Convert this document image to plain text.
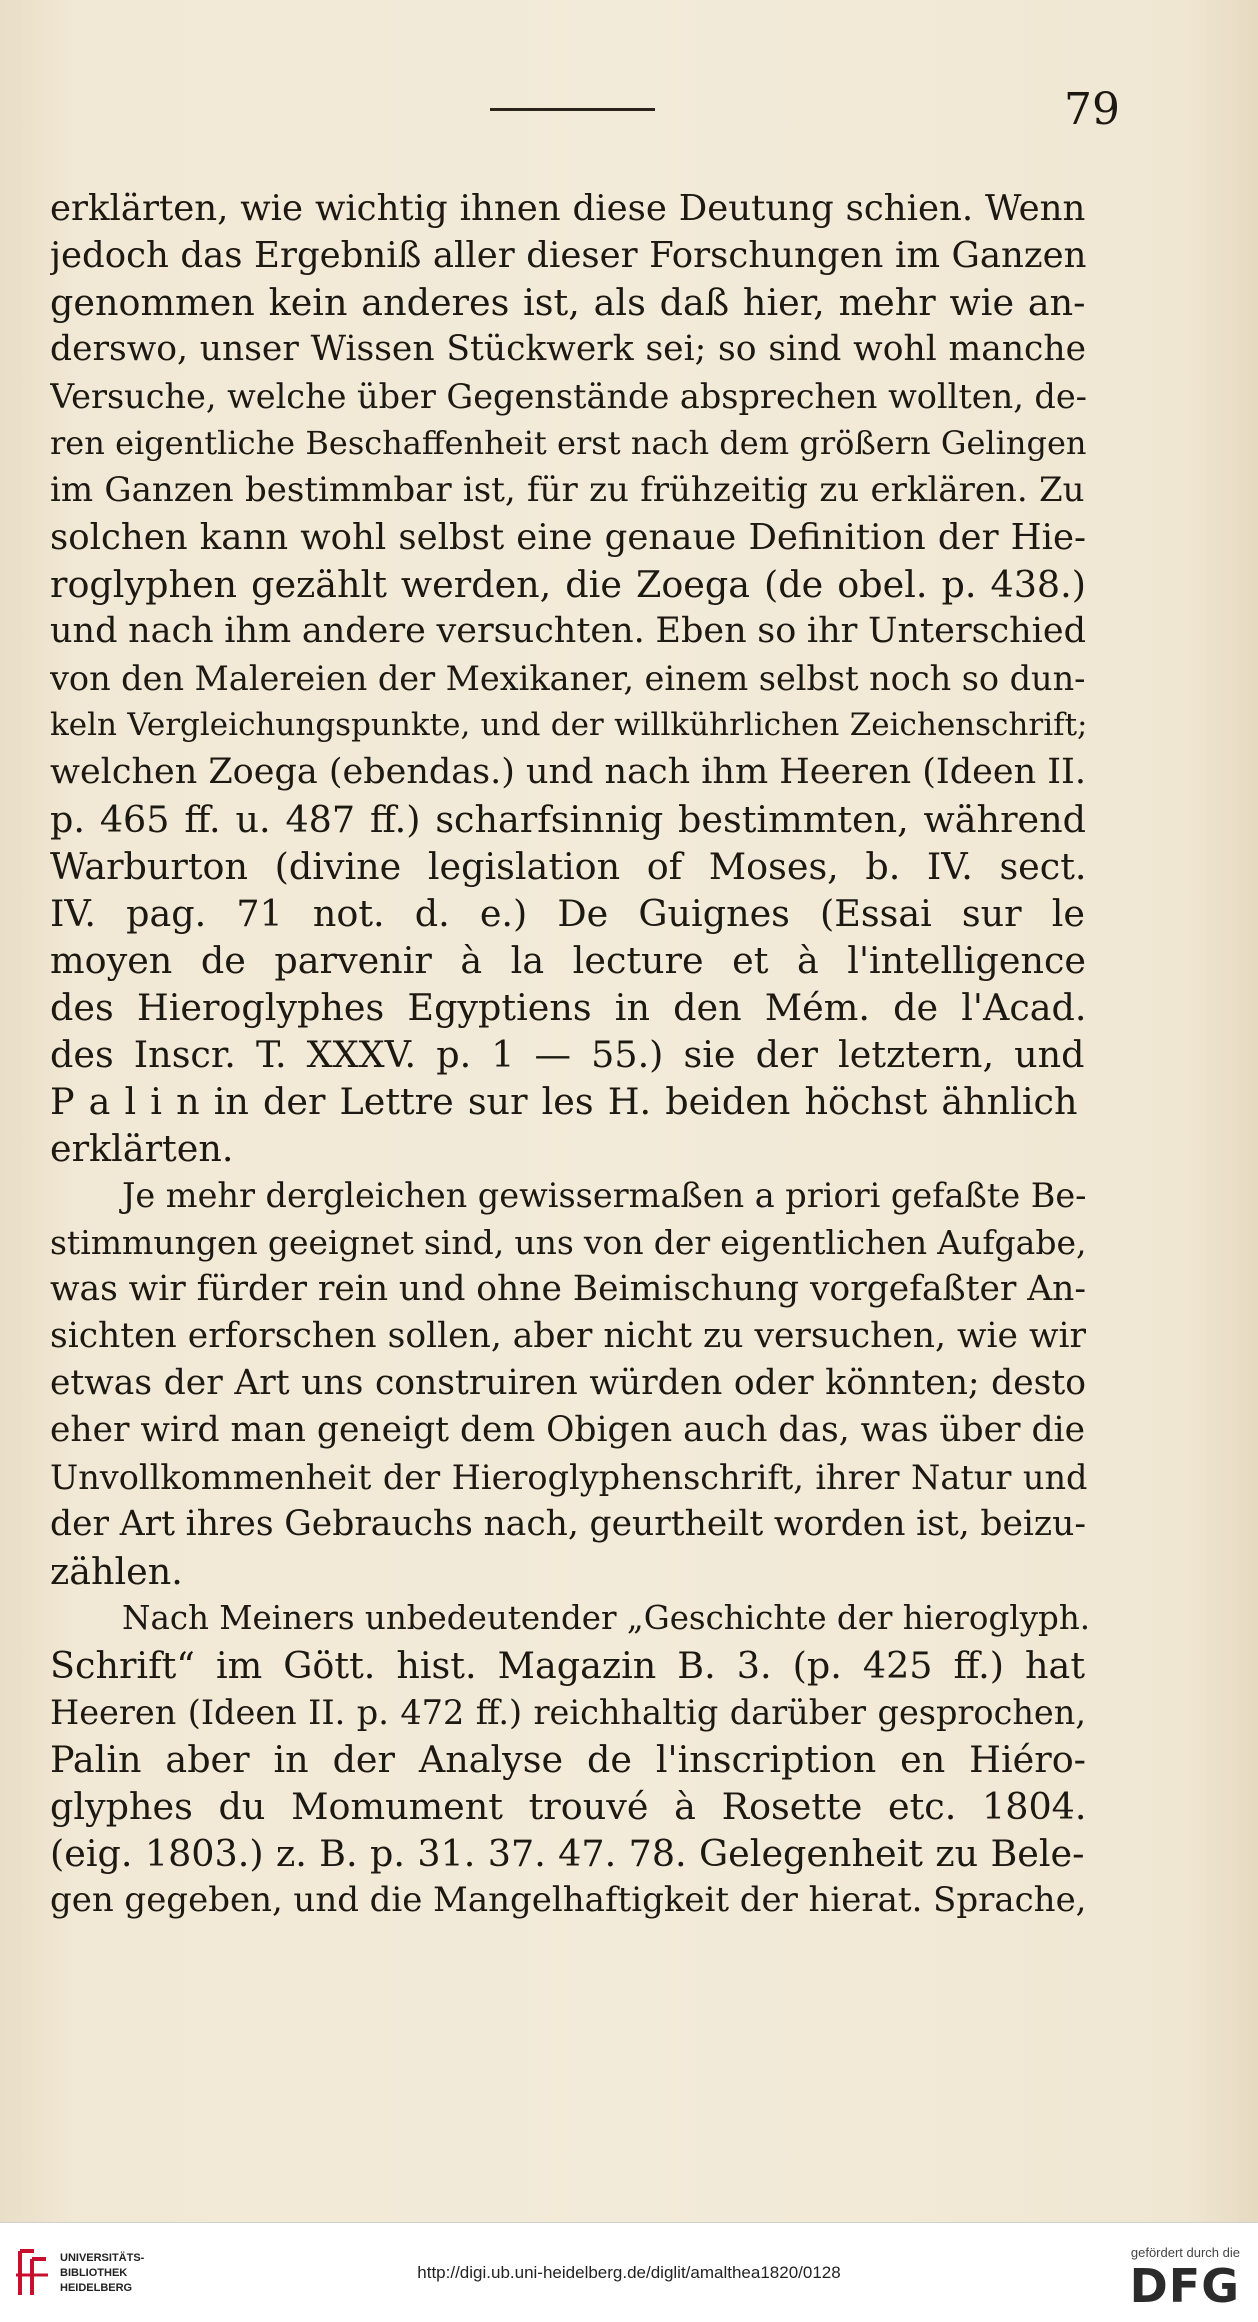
79
erklärten, wie wichtig ihnen diese Deutung schien. Wenn
jedoch das Ergebniß aller dieser Forschungen im Ganzen
genommen kein anderes ist, als daß hier, mehr wie an-
derswo, unser Wissen Stückwerk sei; so sind wohl manche
Versuche, welche über Gegenstände absprechen wollten, de-
ren eigentliche Beschaffenheit erst nach dem größern Gelingen
im Ganzen bestimmbar ist, für zu frühzeitig zu erklären. Zu
solchen kann wohl selbst eine genaue Definition der Hie-
roglyphen gezählt werden, die Zoega (de obel. p. 438.)
und nach ihm andere versuchten. Eben so ihr Unterschied
von den Malereien der Mexikaner, einem selbst noch so dun-
keln Vergleichungspunkte, und der willkührlichen Zeichenschrift;
welchen Zoega (ebendas.) und nach ihm Heeren (Ideen II.
p. 465 ff. u. 487 ff.) scharfsinnig bestimmten, während
Warburton (divine legislation of Moses, b. IV. sect.
IV. pag. 71 not. d. e.) De Guignes (Essai sur le
moyen de parvenir à la lecture et à l'intelligence
des Hieroglyphes Egyptiens in den Mém. de l'Acad.
des Inscr. T. XXXV. p. 1 — 55.) sie der letztern, und
P a l i n in der Lettre sur les H. beiden höchst ähnlich
erklärten.
Je mehr dergleichen gewissermaßen a priori gefaßte Be-
stimmungen geeignet sind, uns von der eigentlichen Aufgabe,
was wir fürder rein und ohne Beimischung vorgefaßter An-
sichten erforschen sollen, aber nicht zu versuchen, wie wir
etwas der Art uns construiren würden oder könnten; desto
eher wird man geneigt dem Obigen auch das, was über die
Unvollkommenheit der Hieroglyphenschrift, ihrer Natur und
der Art ihres Gebrauchs nach, geurtheilt worden ist, beizu-
zählen.
Nach Meiners unbedeutender „Geschichte der hieroglyph.
Schrift“ im Gött. hist. Magazin B. 3. (p. 425 ff.) hat
Heeren (Ideen II. p. 472 ff.) reichhaltig darüber gesprochen,
Palin aber in der Analyse de l'inscription en Hiéro-
glyphes du Momument trouvé à Rosette etc. 1804.
(eig. 1803.) z. B. p. 31. 37. 47. 78. Gelegenheit zu Bele-
gen gegeben, und die Mangelhaftigkeit der hierat. Sprache,
UNIVERSITÄTS-
BIBLIOTHEK
HEIDELBERG
http://digi.ub.uni-heidelberg.de/diglit/amalthea1820/0128
gefördert durch die
DFG
